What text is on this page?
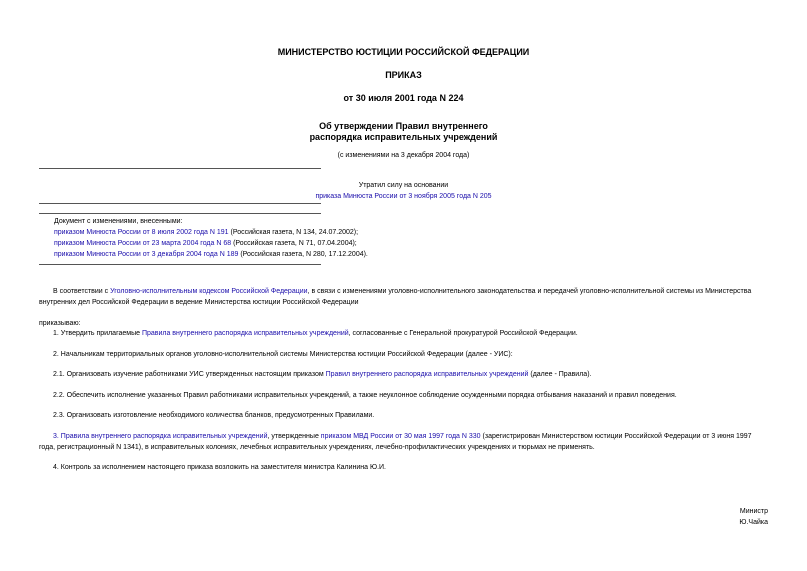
МИНИСТЕРСТВО ЮСТИЦИИ РОССИЙСКОЙ ФЕДЕРАЦИИ
ПРИКАЗ
от 30 июля 2001 года N 224
Об утверждении Правил внутреннего
распорядка исправительных учреждений
(с изменениями на 3 декабря 2004 года)
Утратил силу на основании
приказа Минюста России от 3 ноября 2005 года N 205
Документ с изменениями, внесенными:
приказом Минюста России от 8 июля 2002 года N 191 (Российская газета, N 134, 24.07.2002);
приказом Минюста России от 23 марта 2004 года N 68 (Российская газета, N 71, 07.04.2004);
приказом Минюста России от 3 декабря 2004 года N 189 (Российская газета, N 280, 17.12.2004).
В соответствии с Уголовно-исполнительным кодексом Российской Федерации, в связи с изменениями уголовно-исполнительного законодательства и передачей уголовно-исполнительной системы из Министерства внутренних дел Российской Федерации в ведение Министерства юстиции Российской Федерации
приказываю:
1. Утвердить прилагаемые Правила внутреннего распорядка исправительных учреждений, согласованные с Генеральной прокуратурой Российской Федерации.
2. Начальникам территориальных органов уголовно-исполнительной системы Министерства юстиции Российской Федерации (далее - УИС):
2.1. Организовать изучение работниками УИС утвержденных настоящим приказом Правил внутреннего распорядка исправительных учреждений (далее - Правила).
2.2. Обеспечить исполнение указанных Правил работниками исправительных учреждений, а также неуклонное соблюдение осужденными порядка отбывания наказаний и правил поведения.
2.3. Организовать изготовление необходимого количества бланков, предусмотренных Правилами.
3. Правила внутреннего распорядка исправительных учреждений, утвержденные приказом МВД России от 30 мая 1997 года N 330 (зарегистрирован Министерством юстиции Российской Федерации от 3 июня 1997 года, регистрационный N 1341), в исправительных колониях, лечебных исправительных учреждениях, лечебно-профилактических учреждениях и тюрьмах не применять.
4. Контроль за исполнением настоящего приказа возложить на заместителя министра Калинина Ю.И.
Министр
Ю.Чайка
